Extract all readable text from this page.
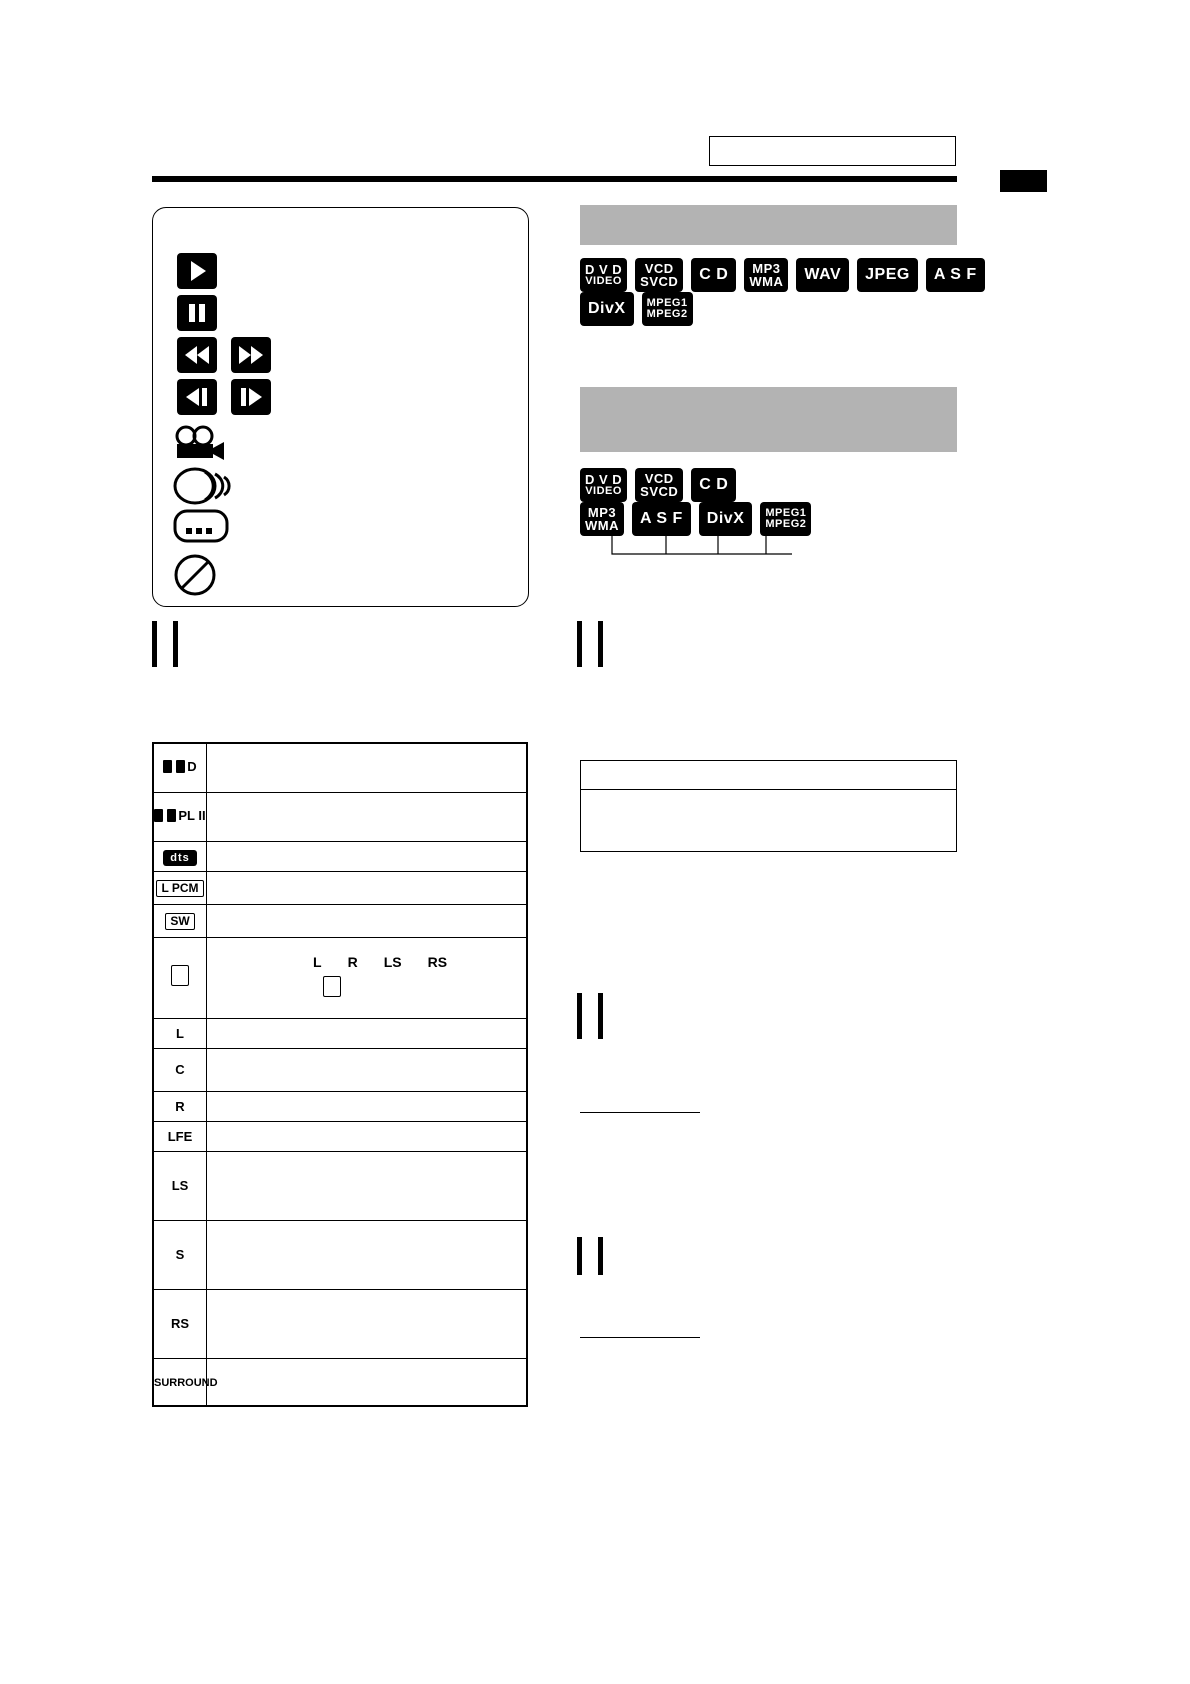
D	

PL II	

dts	
L PCM	
SW	

	L R LS RS

L	
C	
R	
LFE	
LS	
S	
RS	
SURROUND	
D V D
VIDEO
VCD
SVCD C D MP3
WMA WAV JPEG A S F
DivX MPEG1
MPEG2
D V D
VIDEO
VCD
SVCD C D
MP3
WMA A S F DivX MPEG1
MPEG2
